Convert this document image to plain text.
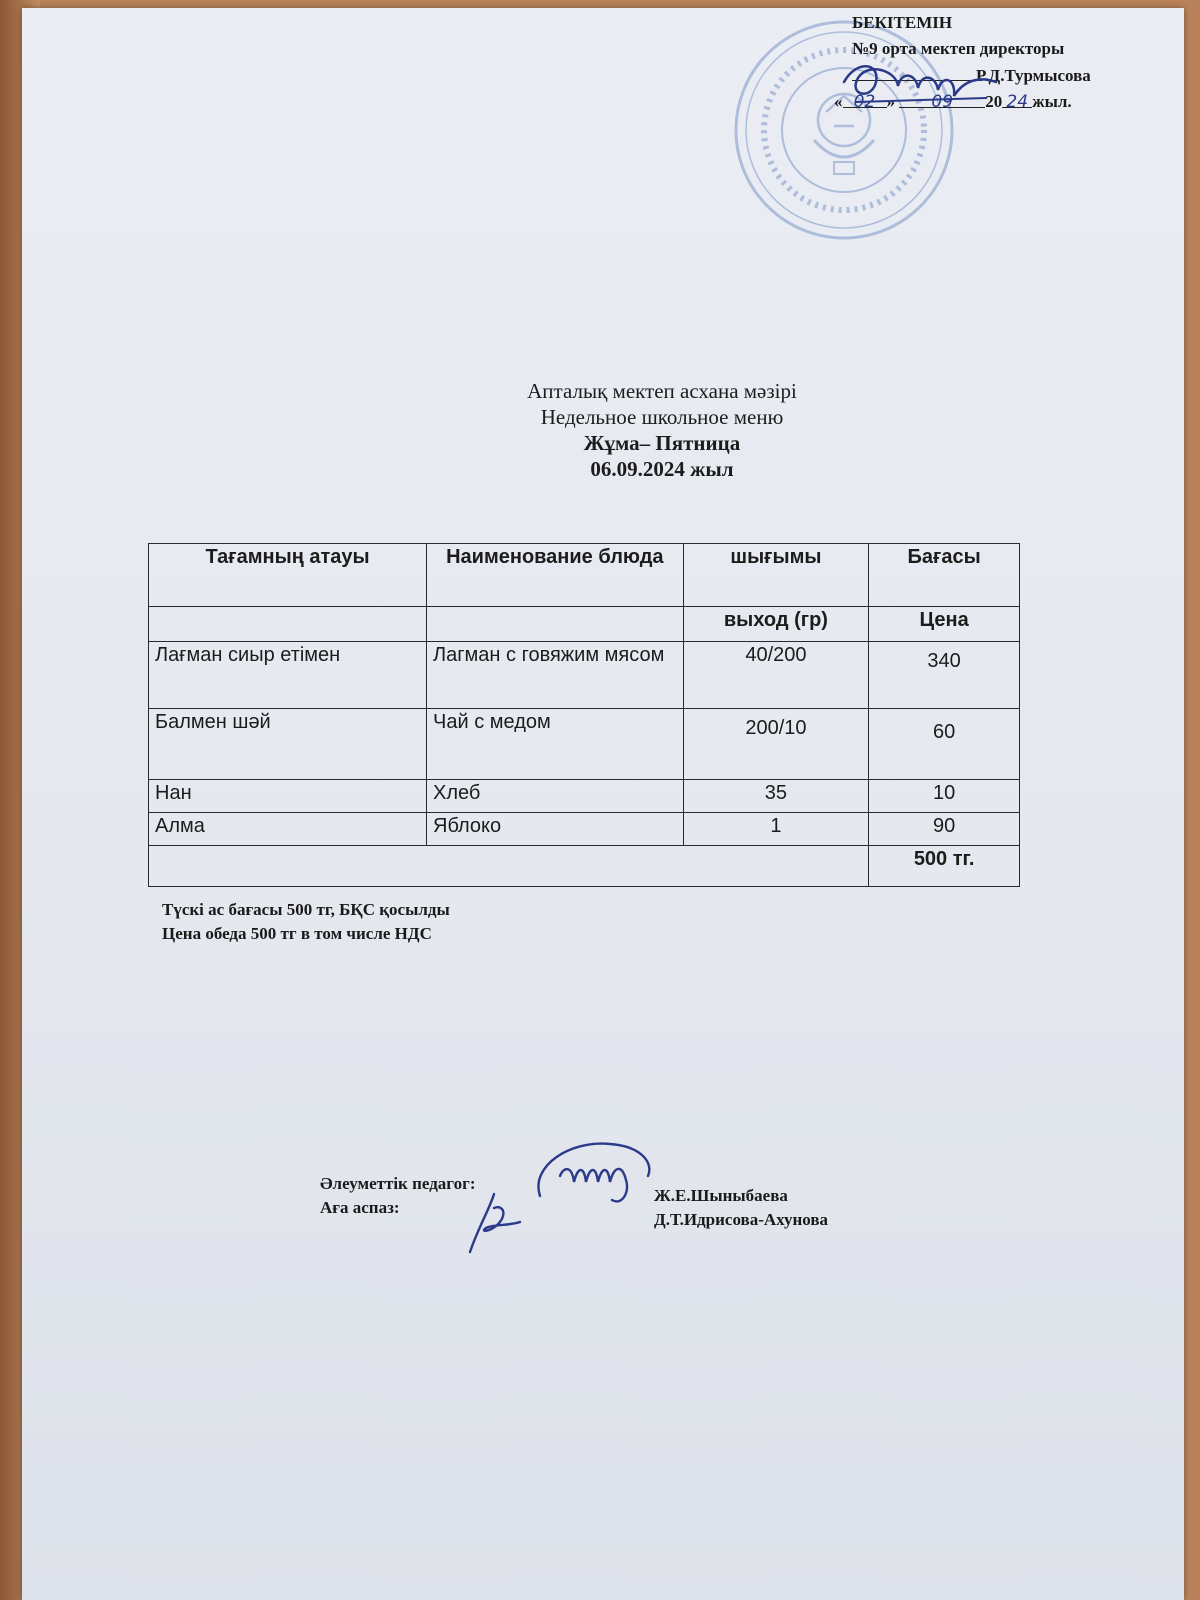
БЕКІТЕМІН
№9 орта мектеп директоры
Р.Д.Турмысова
« 02 » 09 20 24 жыл.
Апталық мектеп асхана мәзірі
Недельное школьное меню
Жұма– Пятница
06.09.2024 жыл
Тағамның атауы	Наименование блюда	шығымы	Бағасы
		выход (гр)	Цена
Лағман сиыр етімен	Лагман с говяжим мясом	40/200	340
Балмен шәй	Чай с медом	200/10	60
Нан	Хлеб	35	10
Алма	Яблоко	1	90
			500 тг.
Түскі ас бағасы 500 тг, БҚС қосылды
Цена обеда 500 тг в том числе НДС
Әлеуметтік педагог:
Аға аспаз:
Ж.Е.Шыныбаева
Д.Т.Идрисова-Ахунова
